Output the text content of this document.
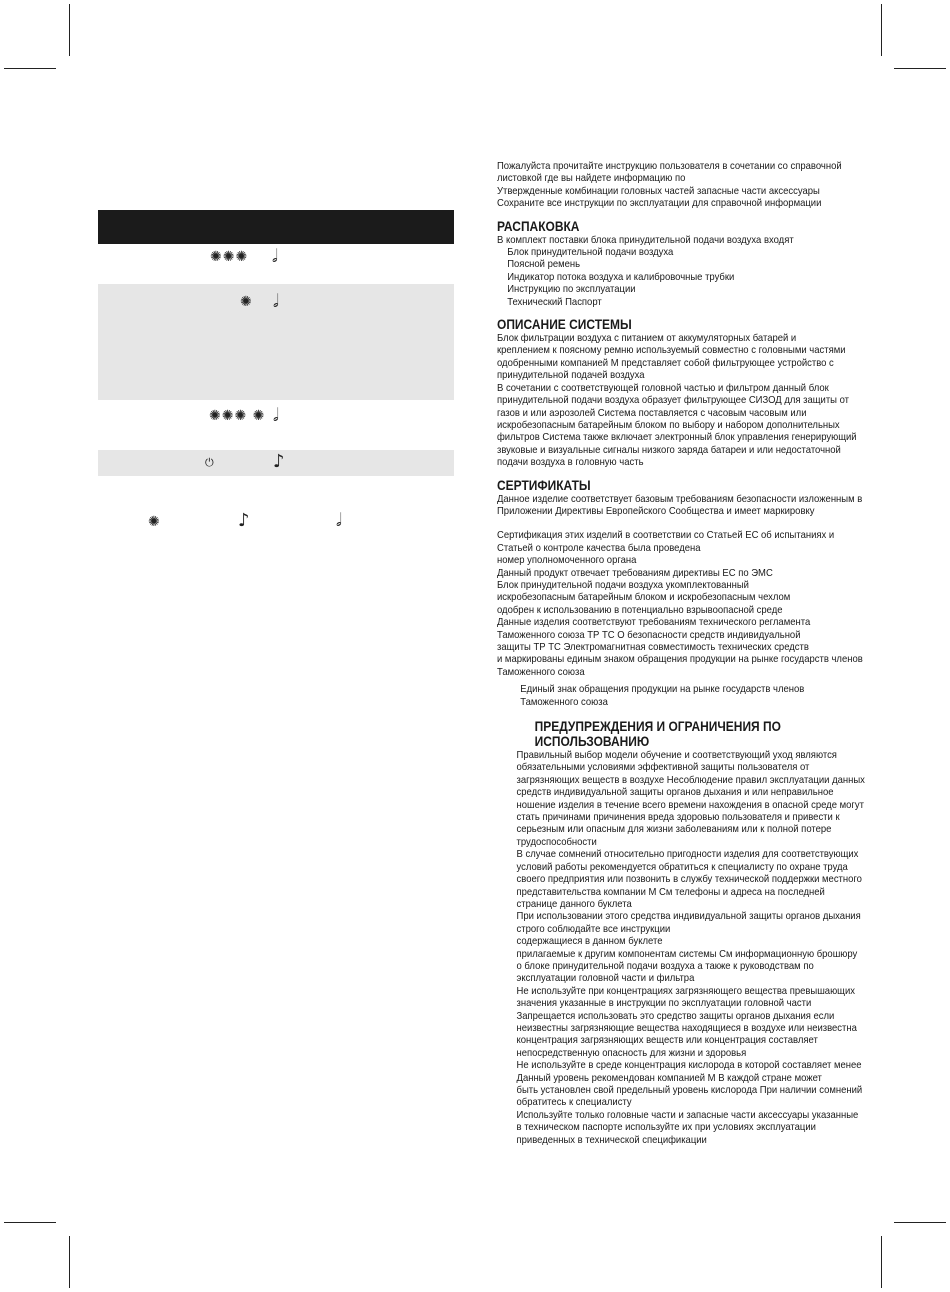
✺✺✺ 𝅗𝅥
✺ 𝅗𝅥
✺✺✺ ✺ 𝅗𝅥
⏻	♪
✺	♪	𝅗𝅥

Пожалуйста прочитайте инструкцию пользователя в сочетании со справочной

листовкой где вы найдете информацию по

Утвержденные комбинации головных частей запасные части аксессуары

Сохраните все инструкции по эксплуатации для справочной информации

РАСПАКОВКА

В комплект поставки блока принудительной подачи воздуха входят

Блок принудительной подачи воздуха

Поясной ремень

Индикатор потока воздуха и калибровочные трубки

Инструкцию по эксплуатации

Технический Паспорт

ОПИСАНИЕ СИСТЕМЫ

Блок фильтрации воздуха с питанием от аккумуляторных батарей и

креплением к поясному ремню используемый совместно с головными частями

одобренными компанией М представляет собой фильтрующее устройство с

принудительной подачей воздуха

В сочетании с соответствующей головной частью и фильтром данный блок

принудительной подачи воздуха образует фильтрующее СИЗОД для защиты от

газов и или аэрозолей Система поставляется с часовым часовым или

искробезопасным батарейным блоком по выбору и набором дополнительных

фильтров Система также включает электронный блок управления генерирующий

звуковые и визуальные сигналы низкого заряда батареи и или недостаточной

подачи воздуха в головную часть

СЕРТИФИКАТЫ

Данное изделие соответствует базовым требованиям безопасности изложенным в

Приложении Директивы Европейского Сообщества и имеет маркировку

Сертификация этих изделий в соответствии со Статьей ЕС об испытаниях и

Статьей о контроле качества была проведена

номер уполномоченного органа

Данный продукт отвечает требованиям директивы ЕС по ЭМС

Блок принудительной подачи воздуха укомплектованный

искробезопасным батарейным блоком и искробезопасным чехлом

одобрен к использованию в потенциально взрывоопасной среде

Данные изделия соответствуют требованиям технического регламента

Таможенного союза ТР ТС О безопасности средств индивидуальной

защиты ТР ТС Электромагнитная совместимость технических средств

и маркированы единым знаком обращения продукции на рынке государств членов

Таможенного союза

Единый знак обращения продукции на рынке государств членов

Таможенного союза

ПРЕДУПРЕЖДЕНИЯ И ОГРАНИЧЕНИЯ ПО
ИСПОЛЬЗОВАНИЮ

Правильный выбор модели обучение и соответствующий уход являются

обязательными условиями эффективной защиты пользователя от

загрязняющих веществ в воздухе Несоблюдение правил эксплуатации данных

средств индивидуальной защиты органов дыхания и или неправильное

ношение изделия в течение всего времени нахождения в опасной среде могут

стать причинами причинения вреда здоровью пользователя и привести к

серьезным или опасным для жизни заболеваниям или к полной потере

трудоспособности

В случае сомнений относительно пригодности изделия для соответствующих

условий работы рекомендуется обратиться к специалисту по охране труда

своего предприятия или позвонить в службу технической поддержки местного

представительства компании М См телефоны и адреса на последней

странице данного буклета

При использовании этого средства индивидуальной защиты органов дыхания

строго соблюдайте все инструкции

содержащиеся в данном буклете

прилагаемые к другим компонентам системы См информационную брошюру

о блоке принудительной подачи воздуха а также к руководствам по

эксплуатации головной части и фильтра

Не используйте при концентрациях загрязняющего вещества превышающих

значения указанные в инструкции по эксплуатации головной части

Запрещается использовать это средство защиты органов дыхания если

неизвестны загрязняющие вещества находящиеся в воздухе или неизвестна

концентрация загрязняющих веществ или концентрация составляет

непосредственную опасность для жизни и здоровья

Не используйте в среде концентрация кислорода в которой составляет менее

Данный уровень рекомендован компанией М В каждой стране может

быть установлен свой предельный уровень кислорода При наличии сомнений

обратитесь к специалисту

Используйте только головные части и запасные части аксессуары указанные

в техническом паспорте используйте их при условиях эксплуатации

приведенных в технической спецификации
